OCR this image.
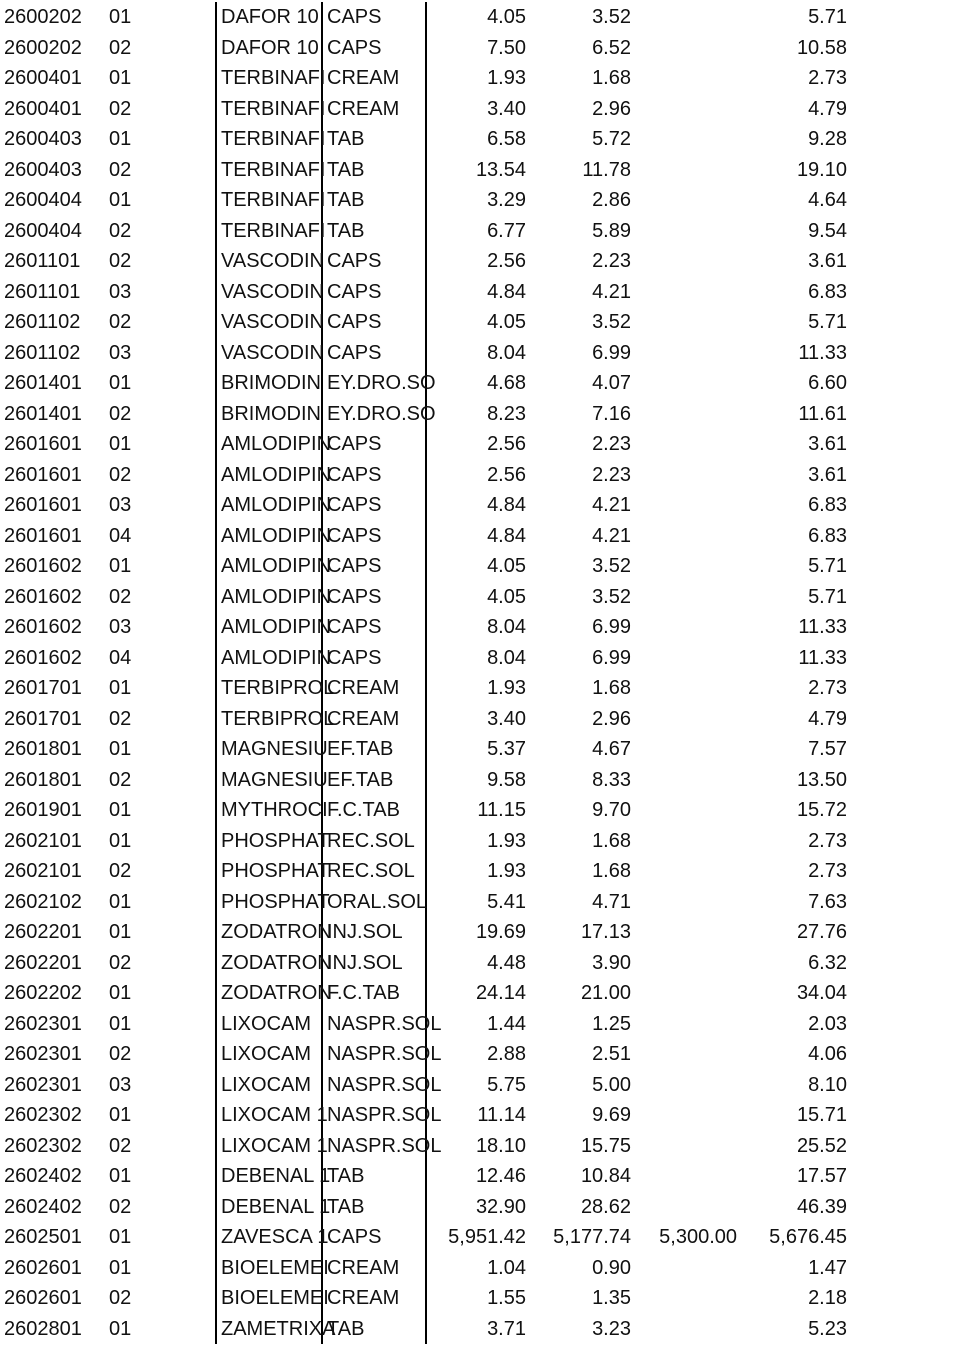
2600202	01	DAFOR 10	CAPS	4.05	3.52		5.71
2600202	02	DAFOR 10	CAPS	7.50	6.52		10.58
2600401	01	TERBINAFI	CREAM	1.93	1.68		2.73
2600401	02	TERBINAFI	CREAM	3.40	2.96		4.79
2600403	01	TERBINAFI	TAB	6.58	5.72		9.28
2600403	02	TERBINAFI	TAB	13.54	11.78		19.10
2600404	01	TERBINAFI	TAB	3.29	2.86		4.64
2600404	02	TERBINAFI	TAB	6.77	5.89		9.54
2601101	02	VASCODIN	CAPS	2.56	2.23		3.61
2601101	03	VASCODIN	CAPS	4.84	4.21		6.83
2601102	02	VASCODIN	CAPS	4.05	3.52		5.71
2601102	03	VASCODIN	CAPS	8.04	6.99		11.33
2601401	01	BRIMODIN	EY.DRO.SO	4.68	4.07		6.60
2601401	02	BRIMODIN	EY.DRO.SO	8.23	7.16		11.61
2601601	01	AMLODIPIN	CAPS	2.56	2.23		3.61
2601601	02	AMLODIPIN	CAPS	2.56	2.23		3.61
2601601	03	AMLODIPIN	CAPS	4.84	4.21		6.83
2601601	04	AMLODIPIN	CAPS	4.84	4.21		6.83
2601602	01	AMLODIPIN	CAPS	4.05	3.52		5.71
2601602	02	AMLODIPIN	CAPS	4.05	3.52		5.71
2601602	03	AMLODIPIN	CAPS	8.04	6.99		11.33
2601602	04	AMLODIPIN	CAPS	8.04	6.99		11.33
2601701	01	TERBIPROL	CREAM	1.93	1.68		2.73
2601701	02	TERBIPROL	CREAM	3.40	2.96		4.79
2601801	01	MAGNESIU	EF.TAB	5.37	4.67		7.57
2601801	02	MAGNESIU	EF.TAB	9.58	8.33		13.50
2601901	01	MYTHROCI	F.C.TAB	11.15	9.70		15.72
2602101	01	PHOSPHAT	REC.SOL	1.93	1.68		2.73
2602101	02	PHOSPHAT	REC.SOL	1.93	1.68		2.73
2602102	01	PHOSPHAT	ORAL.SOL	5.41	4.71		7.63
2602201	01	ZODATRON	INJ.SOL	19.69	17.13		27.76
2602201	02	ZODATRON	INJ.SOL	4.48	3.90		6.32
2602202	01	ZODATRON	F.C.TAB	24.14	21.00		34.04
2602301	01	LIXOCAM	NASPR.SOL	1.44	1.25		2.03
2602301	02	LIXOCAM	NASPR.SOL	2.88	2.51		4.06
2602301	03	LIXOCAM	NASPR.SOL	5.75	5.00		8.10
2602302	01	LIXOCAM 1	NASPR.SOL	11.14	9.69		15.71
2602302	02	LIXOCAM 1	NASPR.SOL	18.10	15.75		25.52
2602402	01	DEBENAL 1	TAB	12.46	10.84		17.57
2602402	02	DEBENAL 1	TAB	32.90	28.62		46.39
2602501	01	ZAVESCA 1	CAPS	5,951.42	5,177.74	5,300.00	5,676.45
2602601	01	BIOELEMEI	CREAM	1.04	0.90		1.47
2602601	02	BIOELEMEI	CREAM	1.55	1.35		2.18
2602801	01	ZAMETRIXA	TAB	3.71	3.23		5.23
